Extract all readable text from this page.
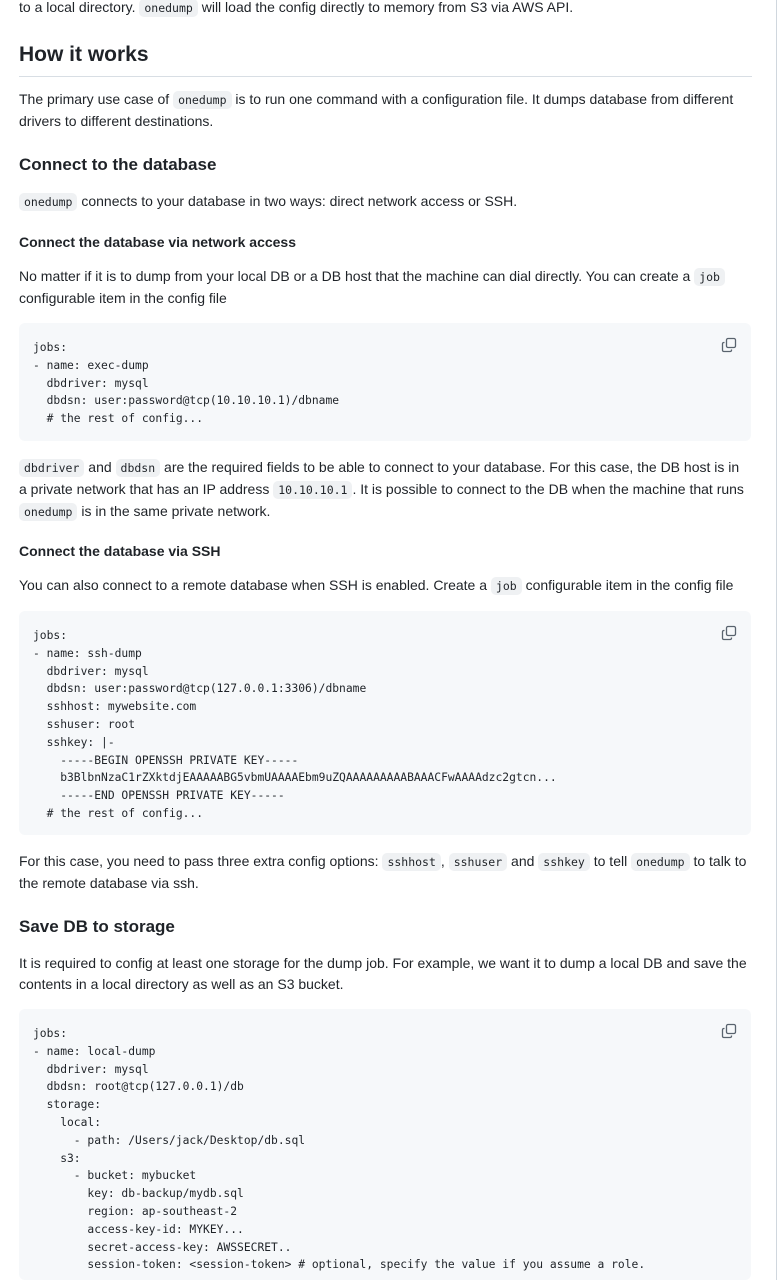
to a local directory. onedump will load the config directly to memory from S3 via AWS API.

How it works

The primary use case of onedump is to run one command with a configuration file. It dumps database from different drivers to different destinations.

Connect to the database

onedump connects to your database in two ways: direct network access or SSH.

Connect the database via network access

No matter if it is to dump from your local DB or a DB host that the machine can dial directly. You can create a job configurable item in the config file

jobs:
- name: exec-dump
dbdriver: mysql
dbdsn: user:password@tcp(10.10.10.1)/dbname
# the rest of config...

dbdriver and dbdsn are the required fields to be able to connect to your database. For this case, the DB host is in a private network that has an IP address 10.10.10.1 . It is possible to connect to the DB when the machine that runs onedump is in the same private network.

Connect the database via SSH

You can also connect to a remote database when SSH is enabled. Create a job configurable item in the config file

jobs:
- name: ssh-dump
dbdriver: mysql
dbdsn: user:password@tcp(127.0.0.1:3306)/dbname
sshhost: mywebsite.com
sshuser: root
sshkey: |-
-----BEGIN OPENSSH PRIVATE KEY-----
b3BlbnNzaC1rZXktdjEAAAAABG5vbmUAAAAEbm9uZQAAAAAAAAABAAACFwAAAAdzc2gtcn...
-----END OPENSSH PRIVATE KEY-----
# the rest of config...

For this case, you need to pass three extra config options: sshhost , sshuser and sshkey to tell onedump to talk to the remote database via ssh.

Save DB to storage

It is required to config at least one storage for the dump job. For example, we want it to dump a local DB and save the contents in a local directory as well as an S3 bucket.

jobs:
- name: local-dump
dbdriver: mysql
dbdsn: root@tcp(127.0.0.1)/db
storage:
local:
- path: /Users/jack/Desktop/db.sql
s3:
- bucket: mybucket
key: db-backup/mydb.sql
region: ap-southeast-2
access-key-id: MYKEY...
secret-access-key: AWSSECRET..
session-token: <session-token> # optional, specify the value if you assume a role.
